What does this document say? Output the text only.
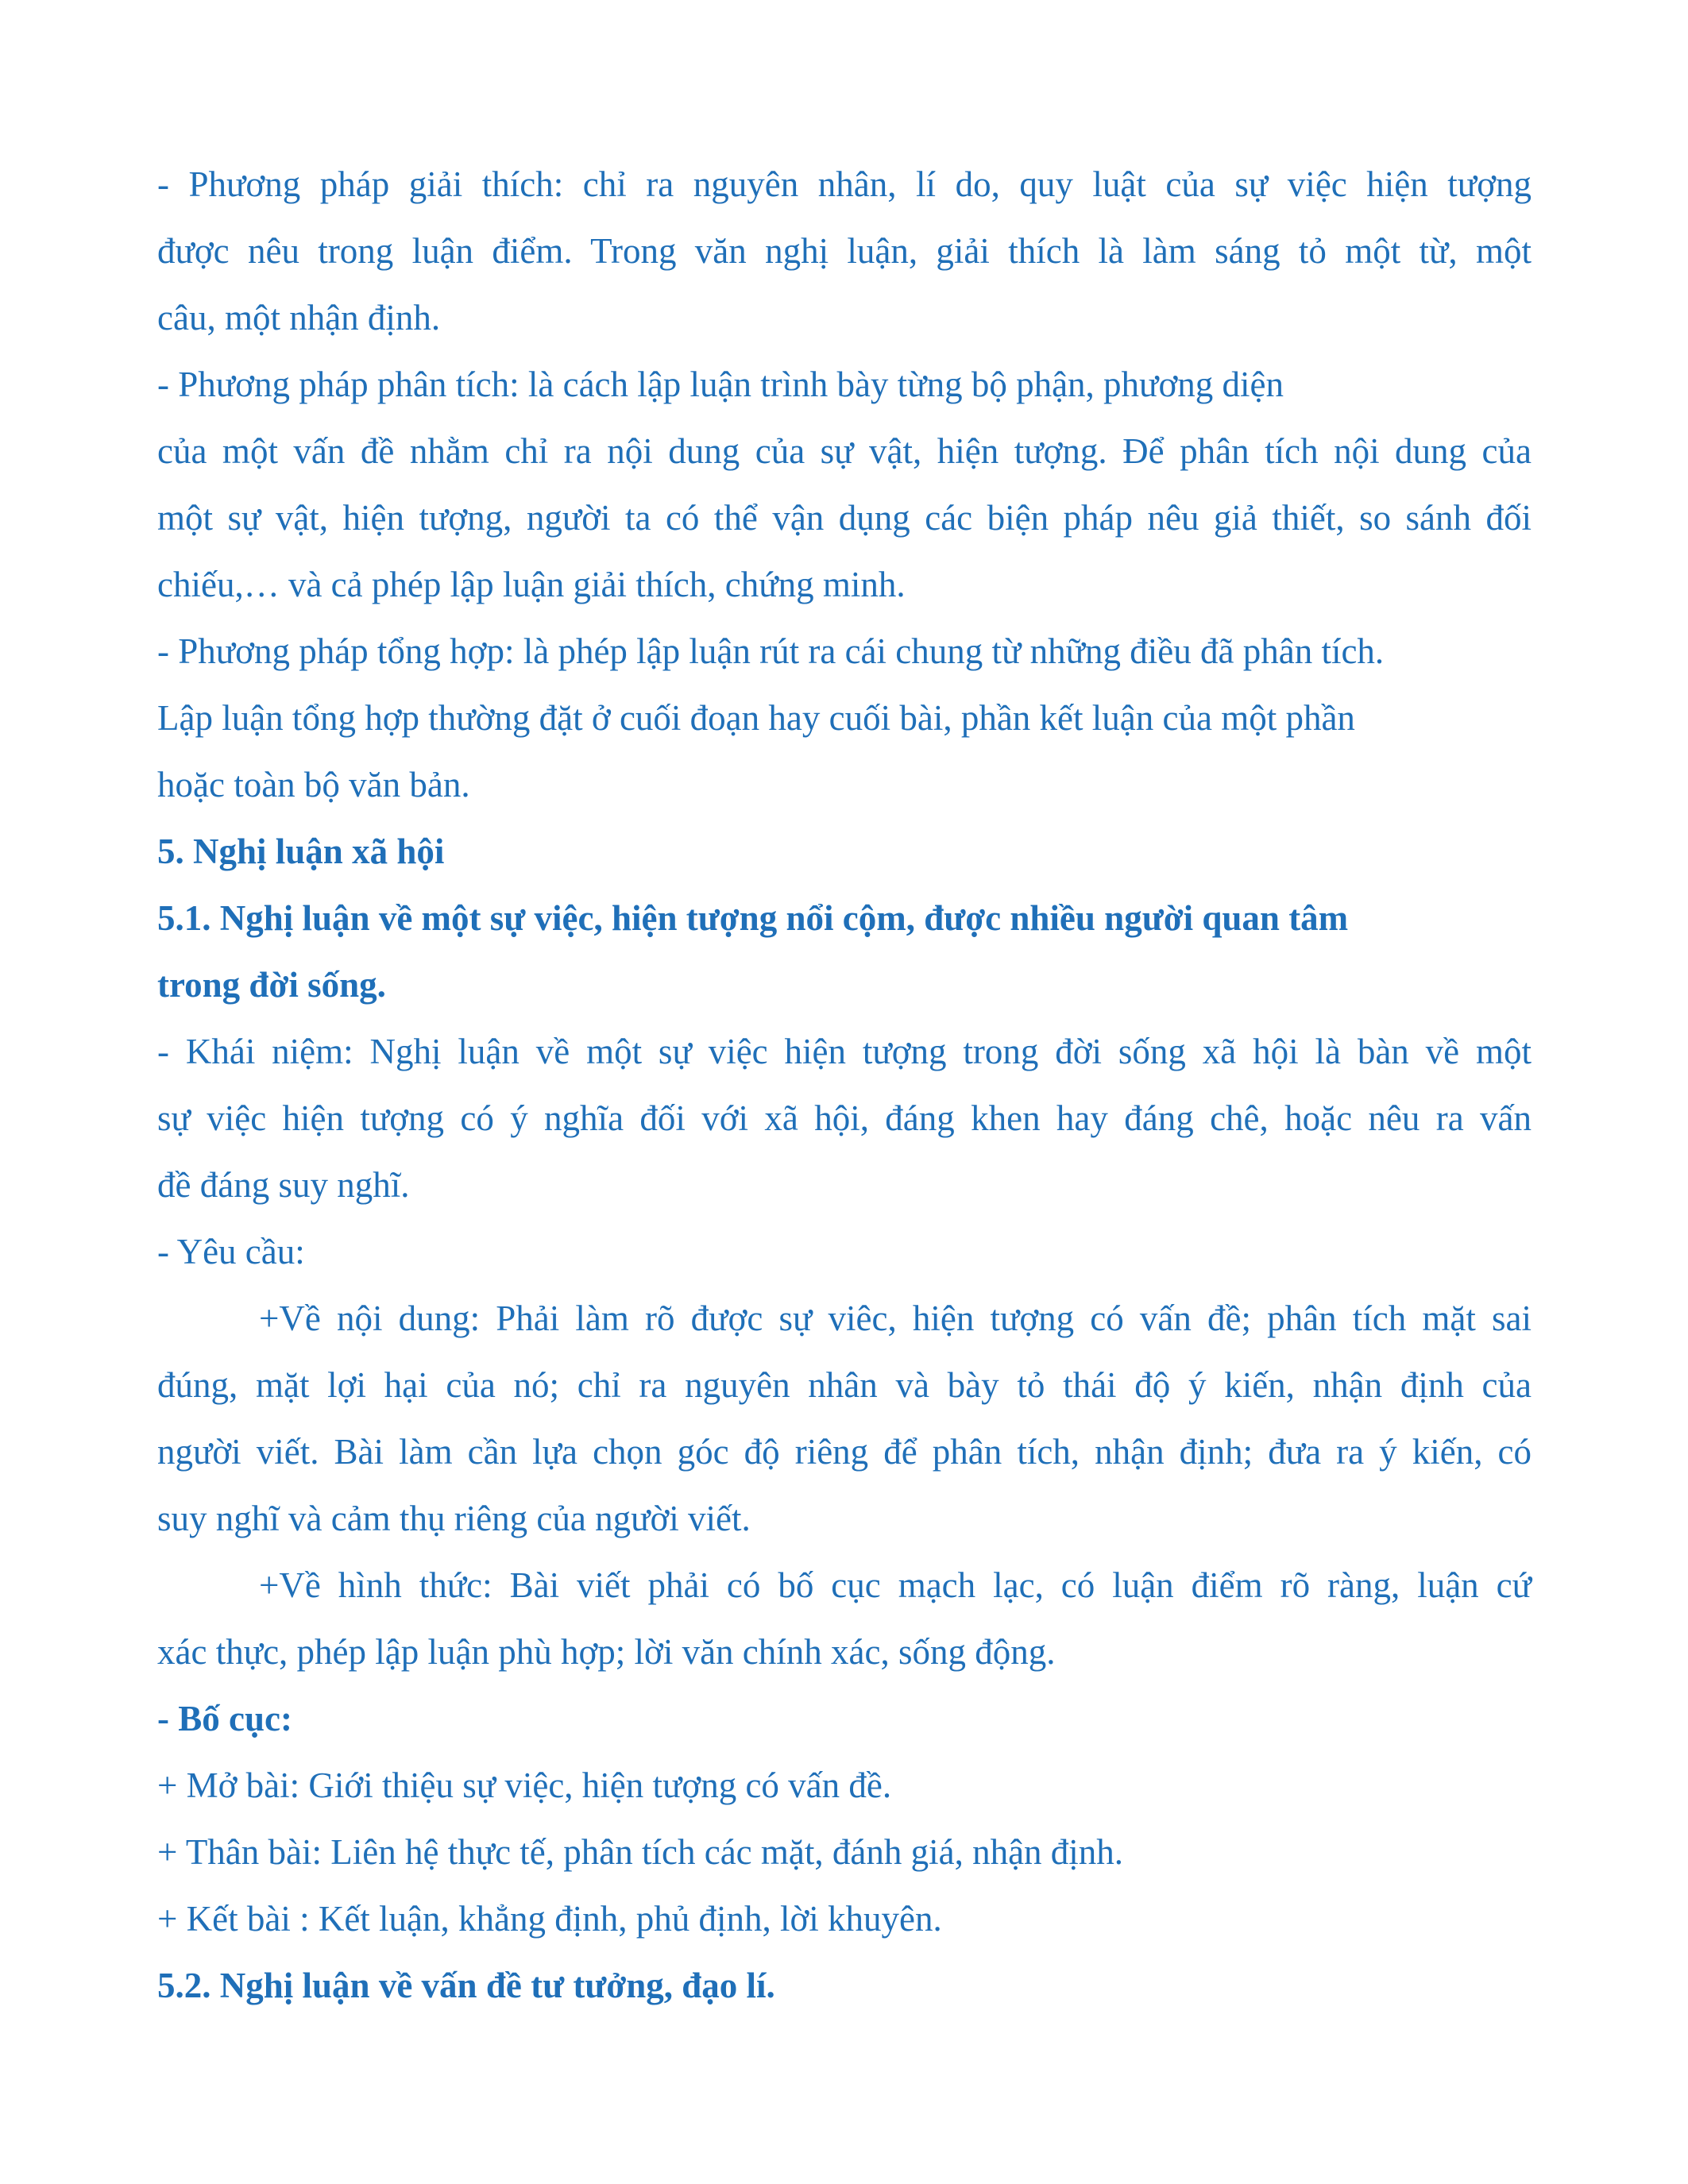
- Phương pháp giải thích: chỉ ra nguyên nhân, lí do, quy luật của sự việc hiện tượng
được nêu trong luận điểm. Trong văn nghị luận, giải thích là làm sáng tỏ một từ, một
câu, một nhận định.
- Phương pháp phân tích: là cách lập luận trình bày từng bộ phận, phương diện
của một vấn đề nhằm chỉ ra nội dung của sự vật, hiện tượng. Để phân tích nội dung của
một sự vật, hiện tượng, người ta có thể vận dụng các biện pháp nêu giả thiết, so sánh đối
chiếu,… và cả phép lập luận giải thích, chứng minh.
- Phương pháp tổng hợp: là phép lập luận rút ra cái chung từ những điều đã phân tích.
Lập luận tổng hợp thường đặt ở cuối đoạn hay cuối bài, phần kết luận của một phần
hoặc toàn bộ văn bản.
5. Nghị luận xã hội
5.1. Nghị luận về một sự việc, hiện tượng nổi cộm, được nhiều người quan tâm
trong đời sống.
- Khái niệm: Nghị luận về một sự việc hiện tượng trong đời sống xã hội là bàn về một
sự việc hiện tượng có ý nghĩa đối với xã hội, đáng khen hay đáng chê, hoặc nêu ra vấn
đề đáng suy nghĩ.
- Yêu cầu:
+Về nội dung: Phải làm rõ được sự viêc, hiện tượng có vấn đề; phân tích mặt sai
đúng, mặt lợi hại của nó; chỉ ra nguyên nhân và bày tỏ thái độ ý kiến, nhận định của
người viết. Bài làm cần lựa chọn góc độ riêng để phân tích, nhận định; đưa ra ý kiến, có
suy nghĩ và cảm thụ riêng của người viết.
+Về hình thức: Bài viết phải có bố cục mạch lạc, có luận điểm rõ ràng, luận cứ
xác thực, phép lập luận phù hợp; lời văn chính xác, sống động.
- Bố cục:
+ Mở bài: Giới thiệu sự việc, hiện tượng có vấn đề.
+ Thân bài: Liên hệ thực tế, phân tích các mặt, đánh giá, nhận định.
+ Kết bài : Kết luận, khẳng định, phủ định, lời khuyên.
5.2. Nghị luận về vấn đề tư tưởng, đạo lí.
